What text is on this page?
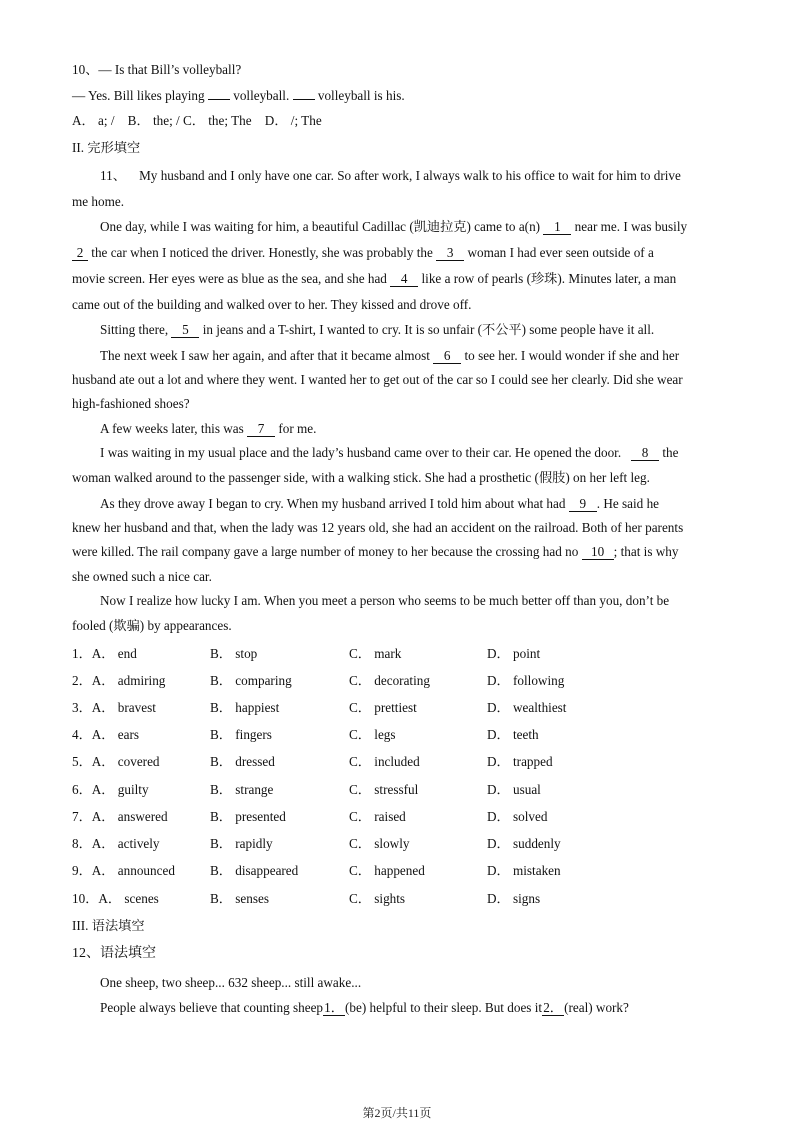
10、— Is that Bill’s volleyball?
— Yes. Bill likes playing  volleyball.  volleyball is his.
A． a; /    B． the; / C． the; The    D． /; The
II. 完形填空
11、    My husband and I only have one car. So after work, I always walk to his office to wait for him to drive
me home.
One day, while I was waiting for him, a beautiful Cadillac (凯迪拉克) came to a(n) 1 near me. I was busily
2 the car when I noticed the driver. Honestly, she was probably the 3 woman I had ever seen outside of a
movie screen. Her eyes were as blue as the sea, and she had 4 like a row of pearls (珍珠). Minutes later, a man
came out of the building and walked over to her. They kissed and drove off.
Sitting there, 5 in jeans and a T-shirt, I wanted to cry. It is so unfair (不公平) some people have it all.
The next week I saw her again, and after that it became almost 6 to see her. I would wonder if she and her
husband ate out a lot and where they went. I wanted her to get out of the car so I could see her clearly. Did she wear
high-fashioned shoes?
A few weeks later, this was 7 for me.
I was waiting in my usual place and the lady’s husband came over to their car. He opened the door.   8 the
woman walked around to the passenger side, with a walking stick. She had a prosthetic (假肢) on her left leg.
As they drove away I began to cry. When my husband arrived I told him about what had 9 . He said he
knew her husband and that, when the lady was 12 years old, she had an accident on the railroad. Both of her parents
were killed. The rail company gave a large number of money to her because the crossing had no 10 ; that is why
she owned such a nice car.
Now I realize how lucky I am. When you meet a person who seems to be much better off than you, don’t be
fooled (欺骗) by appearances.
1．A． end	B． stop	C． mark	D． point
2．A． admiring	B． comparing	C． decorating	D． following
3．A． bravest	B． happiest	C． prettiest	D． wealthiest
4．A． ears	B． fingers	C． legs	D． teeth
5．A． covered	B． dressed	C． included	D． trapped
6．A． guilty	B． strange	C． stressful	D． usual
7．A． answered	B． presented	C． raised	D． solved
8．A． actively	B． rapidly	C． slowly	D． suddenly
9．A． announced	B． disappeared	C． happened	D． mistaken
10．A． scenes	B． senses	C． sights	D． signs
III. 语法填空
12、语法填空
One sheep, two sheep... 632 sheep... still awake...
People always believe that counting sheep1．(be) helpful to their sleep. But does it2．(real) work?
第2页/共11页
